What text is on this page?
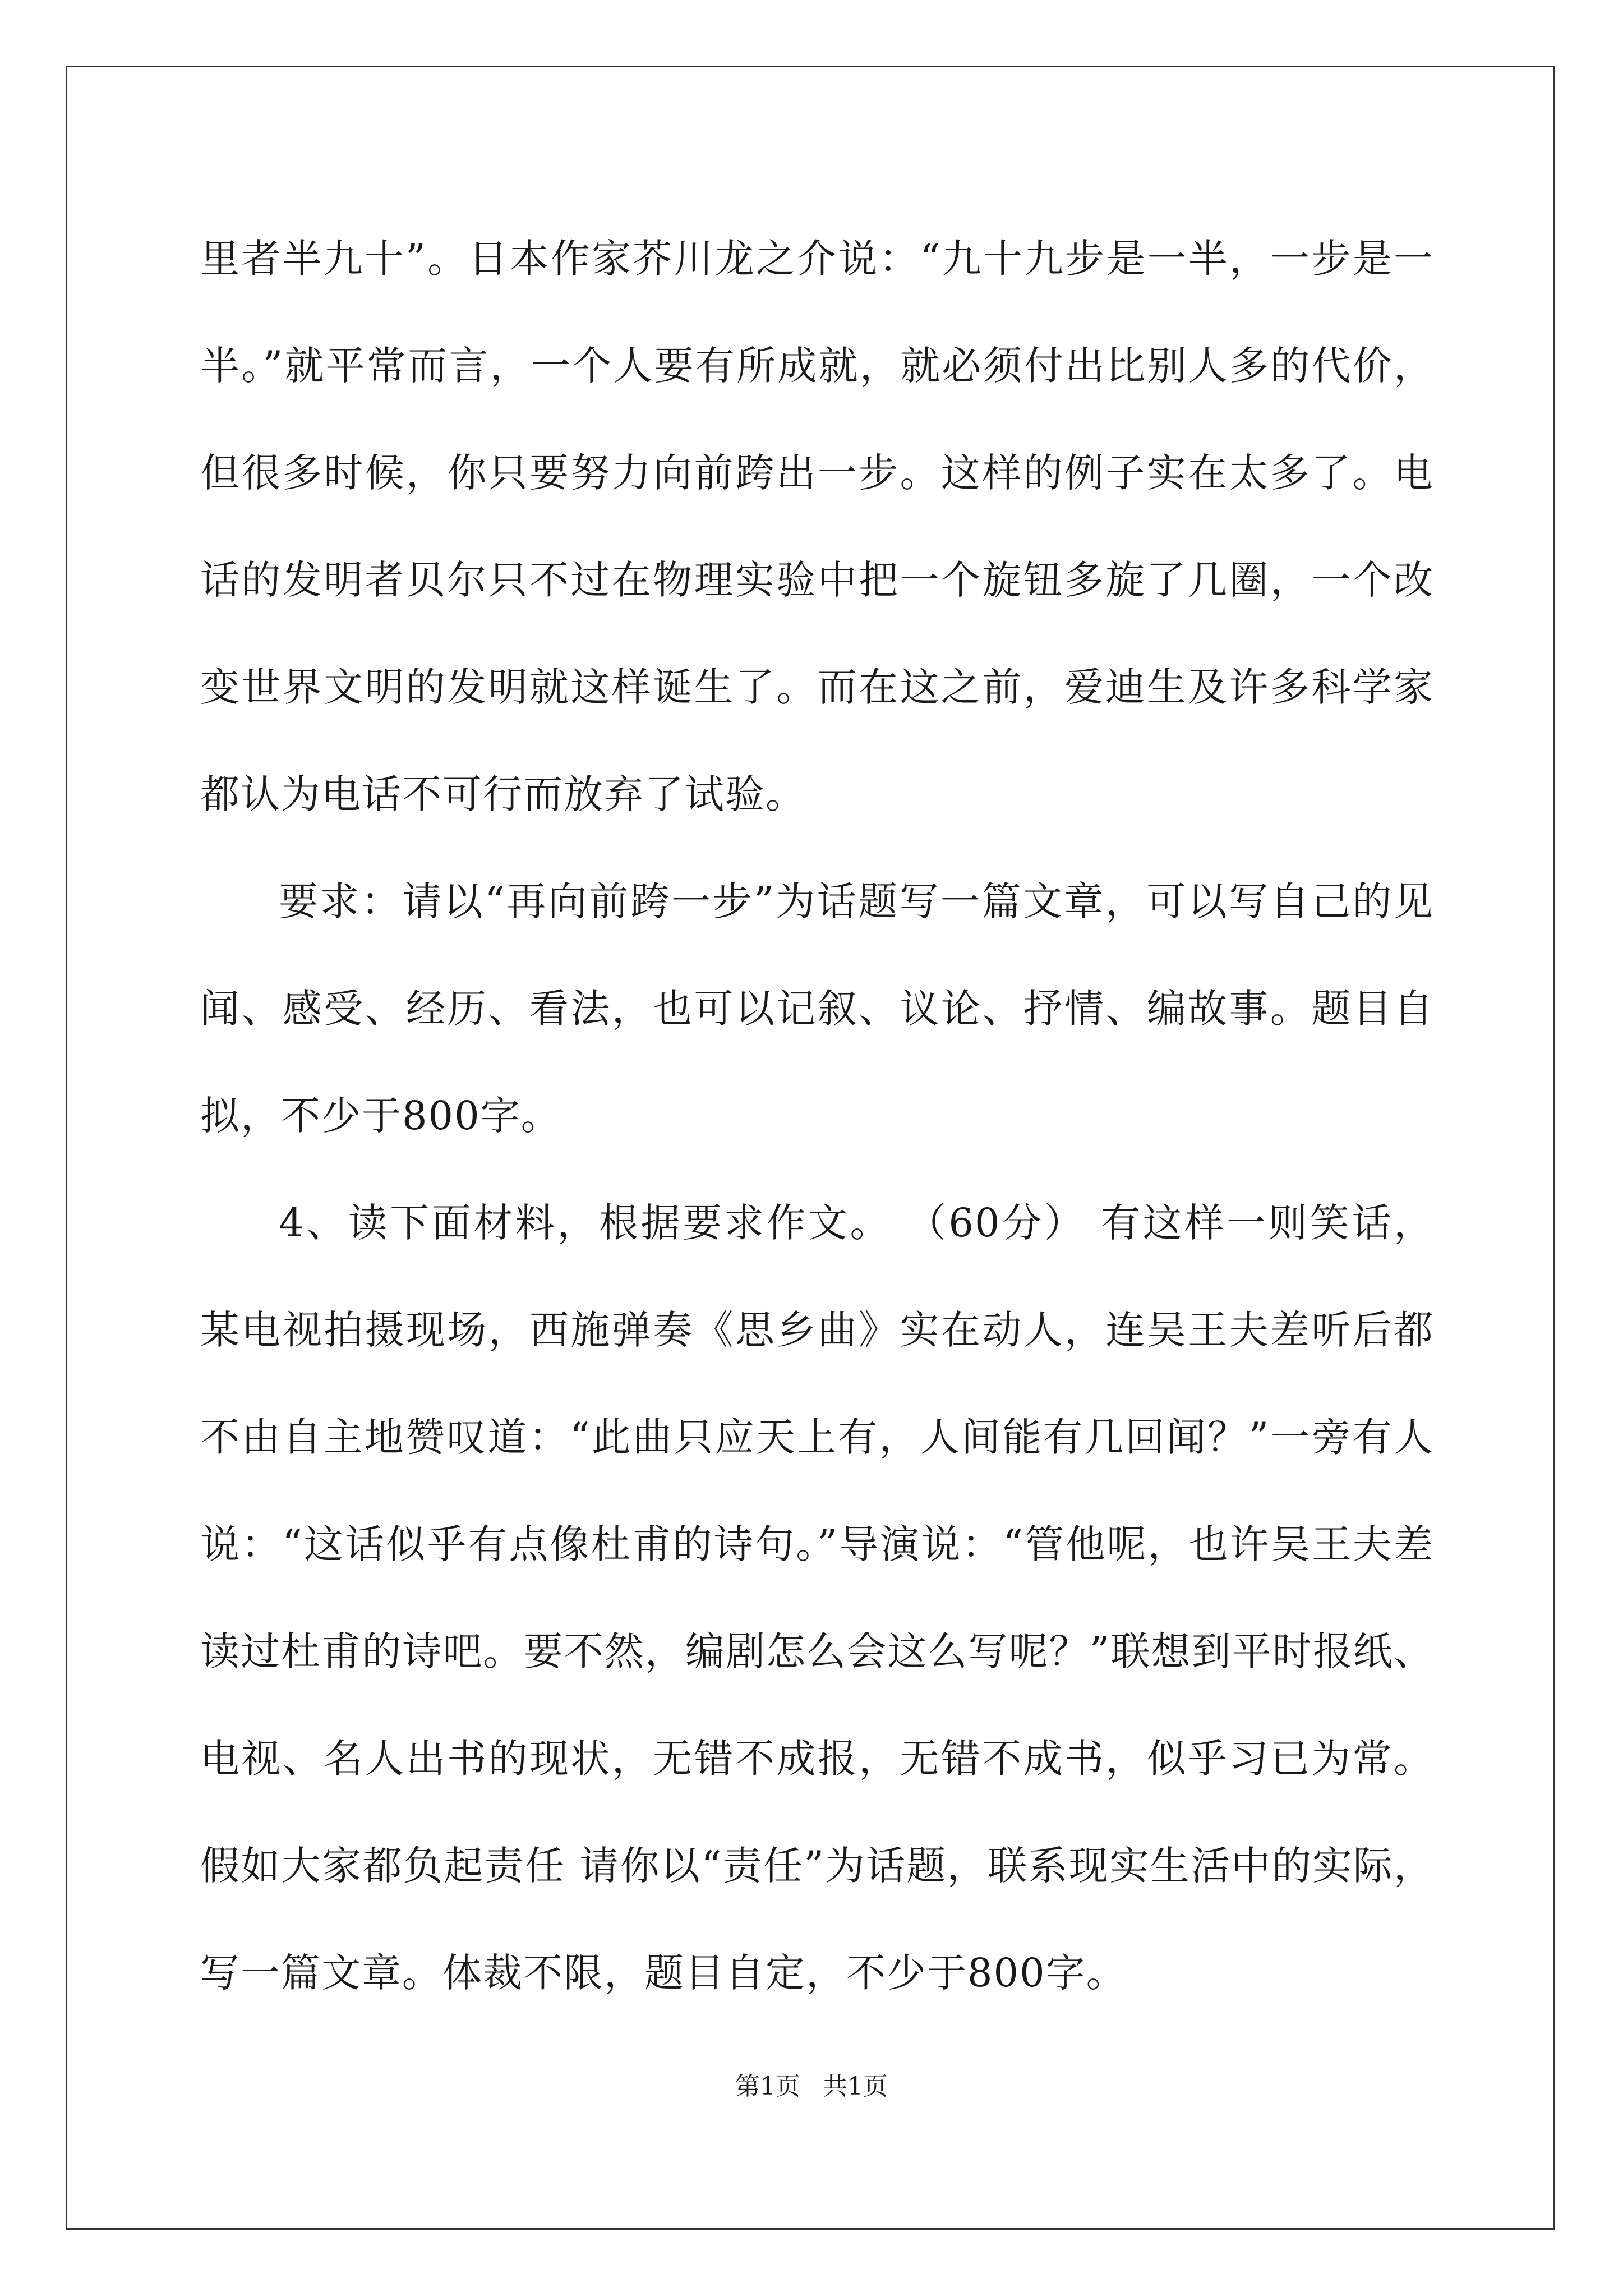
里者半九十”。日本作家芥川龙之介说：“九十九步是一半，一步是一半。”就平常而言，一个人要有所成就，就必须付出比别人多的代价，但很多时候，你只要努力向前跨出一步。这样的例子实在太多了。电话的发明者贝尔只不过在物理实验中把一个旋钮多旋了几圈，一个改变世界文明的发明就这样诞生了。而在这之前，爱迪生及许多科学家都认为电话不可行而放弃了试验。

要求：请以“再向前跨一步”为话题写一篇文章，可以写自己的见闻、感受、经历、看法，也可以记叙、议论、抒情、编故事。题目自拟，不少于800字。

4、读下面材料，根据要求作文。 （60分） 有这样一则笑话，某电视拍摄现场，西施弹奏《思乡曲》实在动人，连吴王夫差听后都不由自主地赞叹道：“此曲只应天上有，人间能有几回闻？”一旁有人说：“这话似乎有点像杜甫的诗句。”导演说：“管他呢，也许吴王夫差读过杜甫的诗吧。要不然，编剧怎么会这么写呢？”联想到平时报纸、电视、名人出书的现状，无错不成报，无错不成书，似乎习已为常。假如大家都负起责任 请你以“责任”为话题，联系现实生活中的实际，写一篇文章。体裁不限，题目自定，不少于800字。

第1页 共1页
